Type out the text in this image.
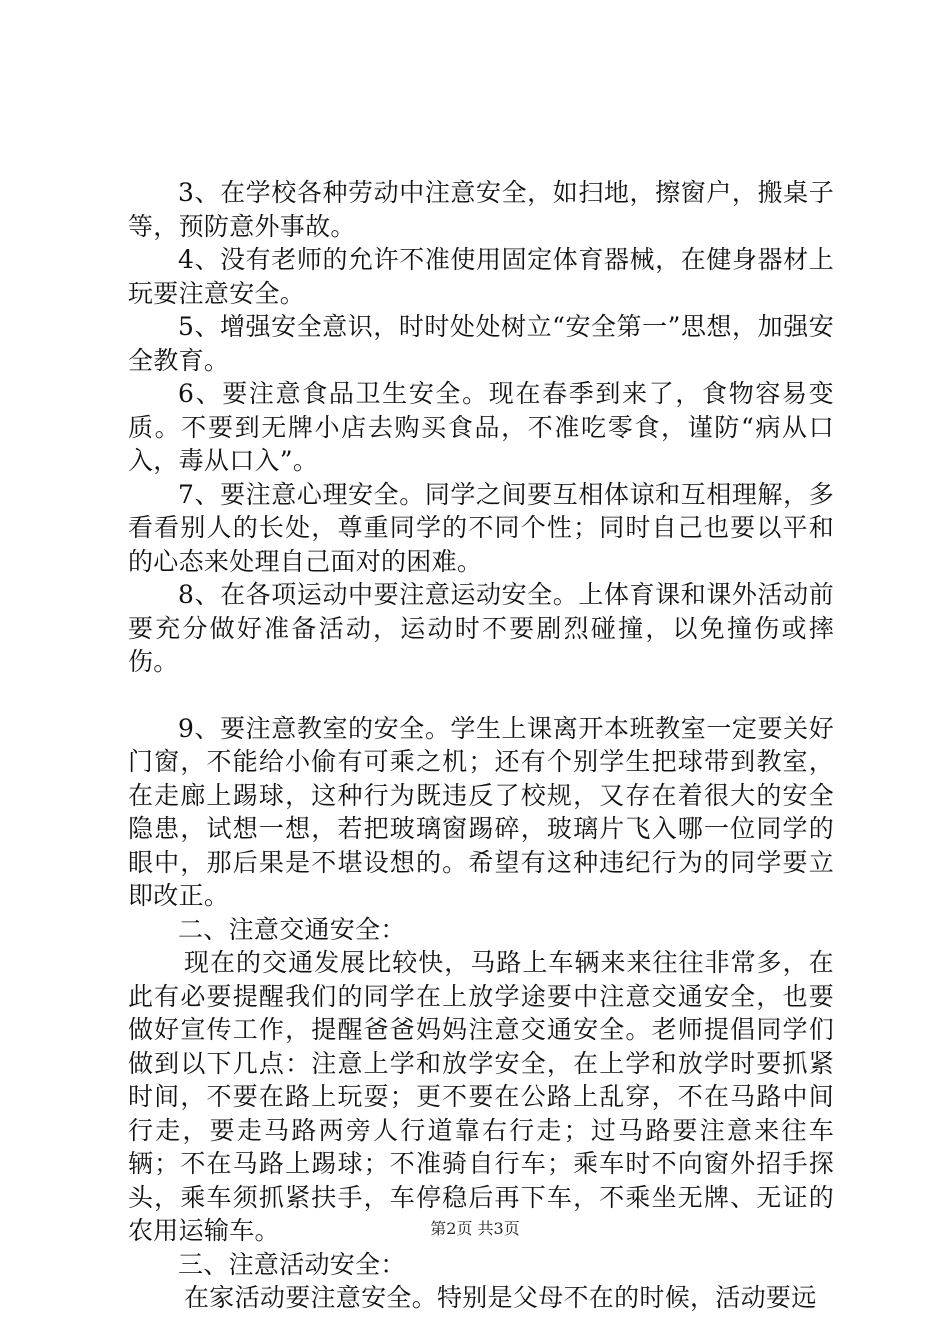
3、在学校各种劳动中注意安全，如扫地，擦窗户，搬桌子等，预防意外事故。

4、没有老师的允许不准使用固定体育器械，在健身器材上玩要注意安全。

5、增强安全意识，时时处处树立“安全第一”思想，加强安全教育。

6、要注意食品卫生安全。现在春季到来了，食物容易变质。不要到无牌小店去购买食品，不准吃零食，谨防“病从口入，毒从口入”。

7、要注意心理安全。同学之间要互相体谅和互相理解，多看看别人的长处，尊重同学的不同个性；同时自己也要以平和的心态来处理自己面对的困难。

8、在各项运动中要注意运动安全。上体育课和课外活动前要充分做好准备活动，运动时不要剧烈碰撞，以免撞伤或摔伤。

9、要注意教室的安全。学生上课离开本班教室一定要关好门窗，不能给小偷有可乘之机；还有个别学生把球带到教室，在走廊上踢球，这种行为既违反了校规，又存在着很大的安全隐患，试想一想，若把玻璃窗踢碎，玻璃片飞入哪一位同学的眼中，那后果是不堪设想的。希望有这种违纪行为的同学要立即改正。

二、注意交通安全：

现在的交通发展比较快，马路上车辆来来往往非常多，在此有必要提醒我们的同学在上放学途要中注意交通安全，也要做好宣传工作，提醒爸爸妈妈注意交通安全。老师提倡同学们做到以下几点：注意上学和放学安全，在上学和放学时要抓紧时间，不要在路上玩耍；更不要在公路上乱穿，不在马路中间行走，要走马路两旁人行道靠右行走；过马路要注意来往车辆；不在马路上踢球；不准骑自行车；乘车时不向窗外招手探头，乘车须抓紧扶手，车停稳后再下车，不乘坐无牌、无证的农用运输车。

三、注意活动安全：

在家活动要注意安全。特别是父母不在的时候，活动要远

第2页 共3页
